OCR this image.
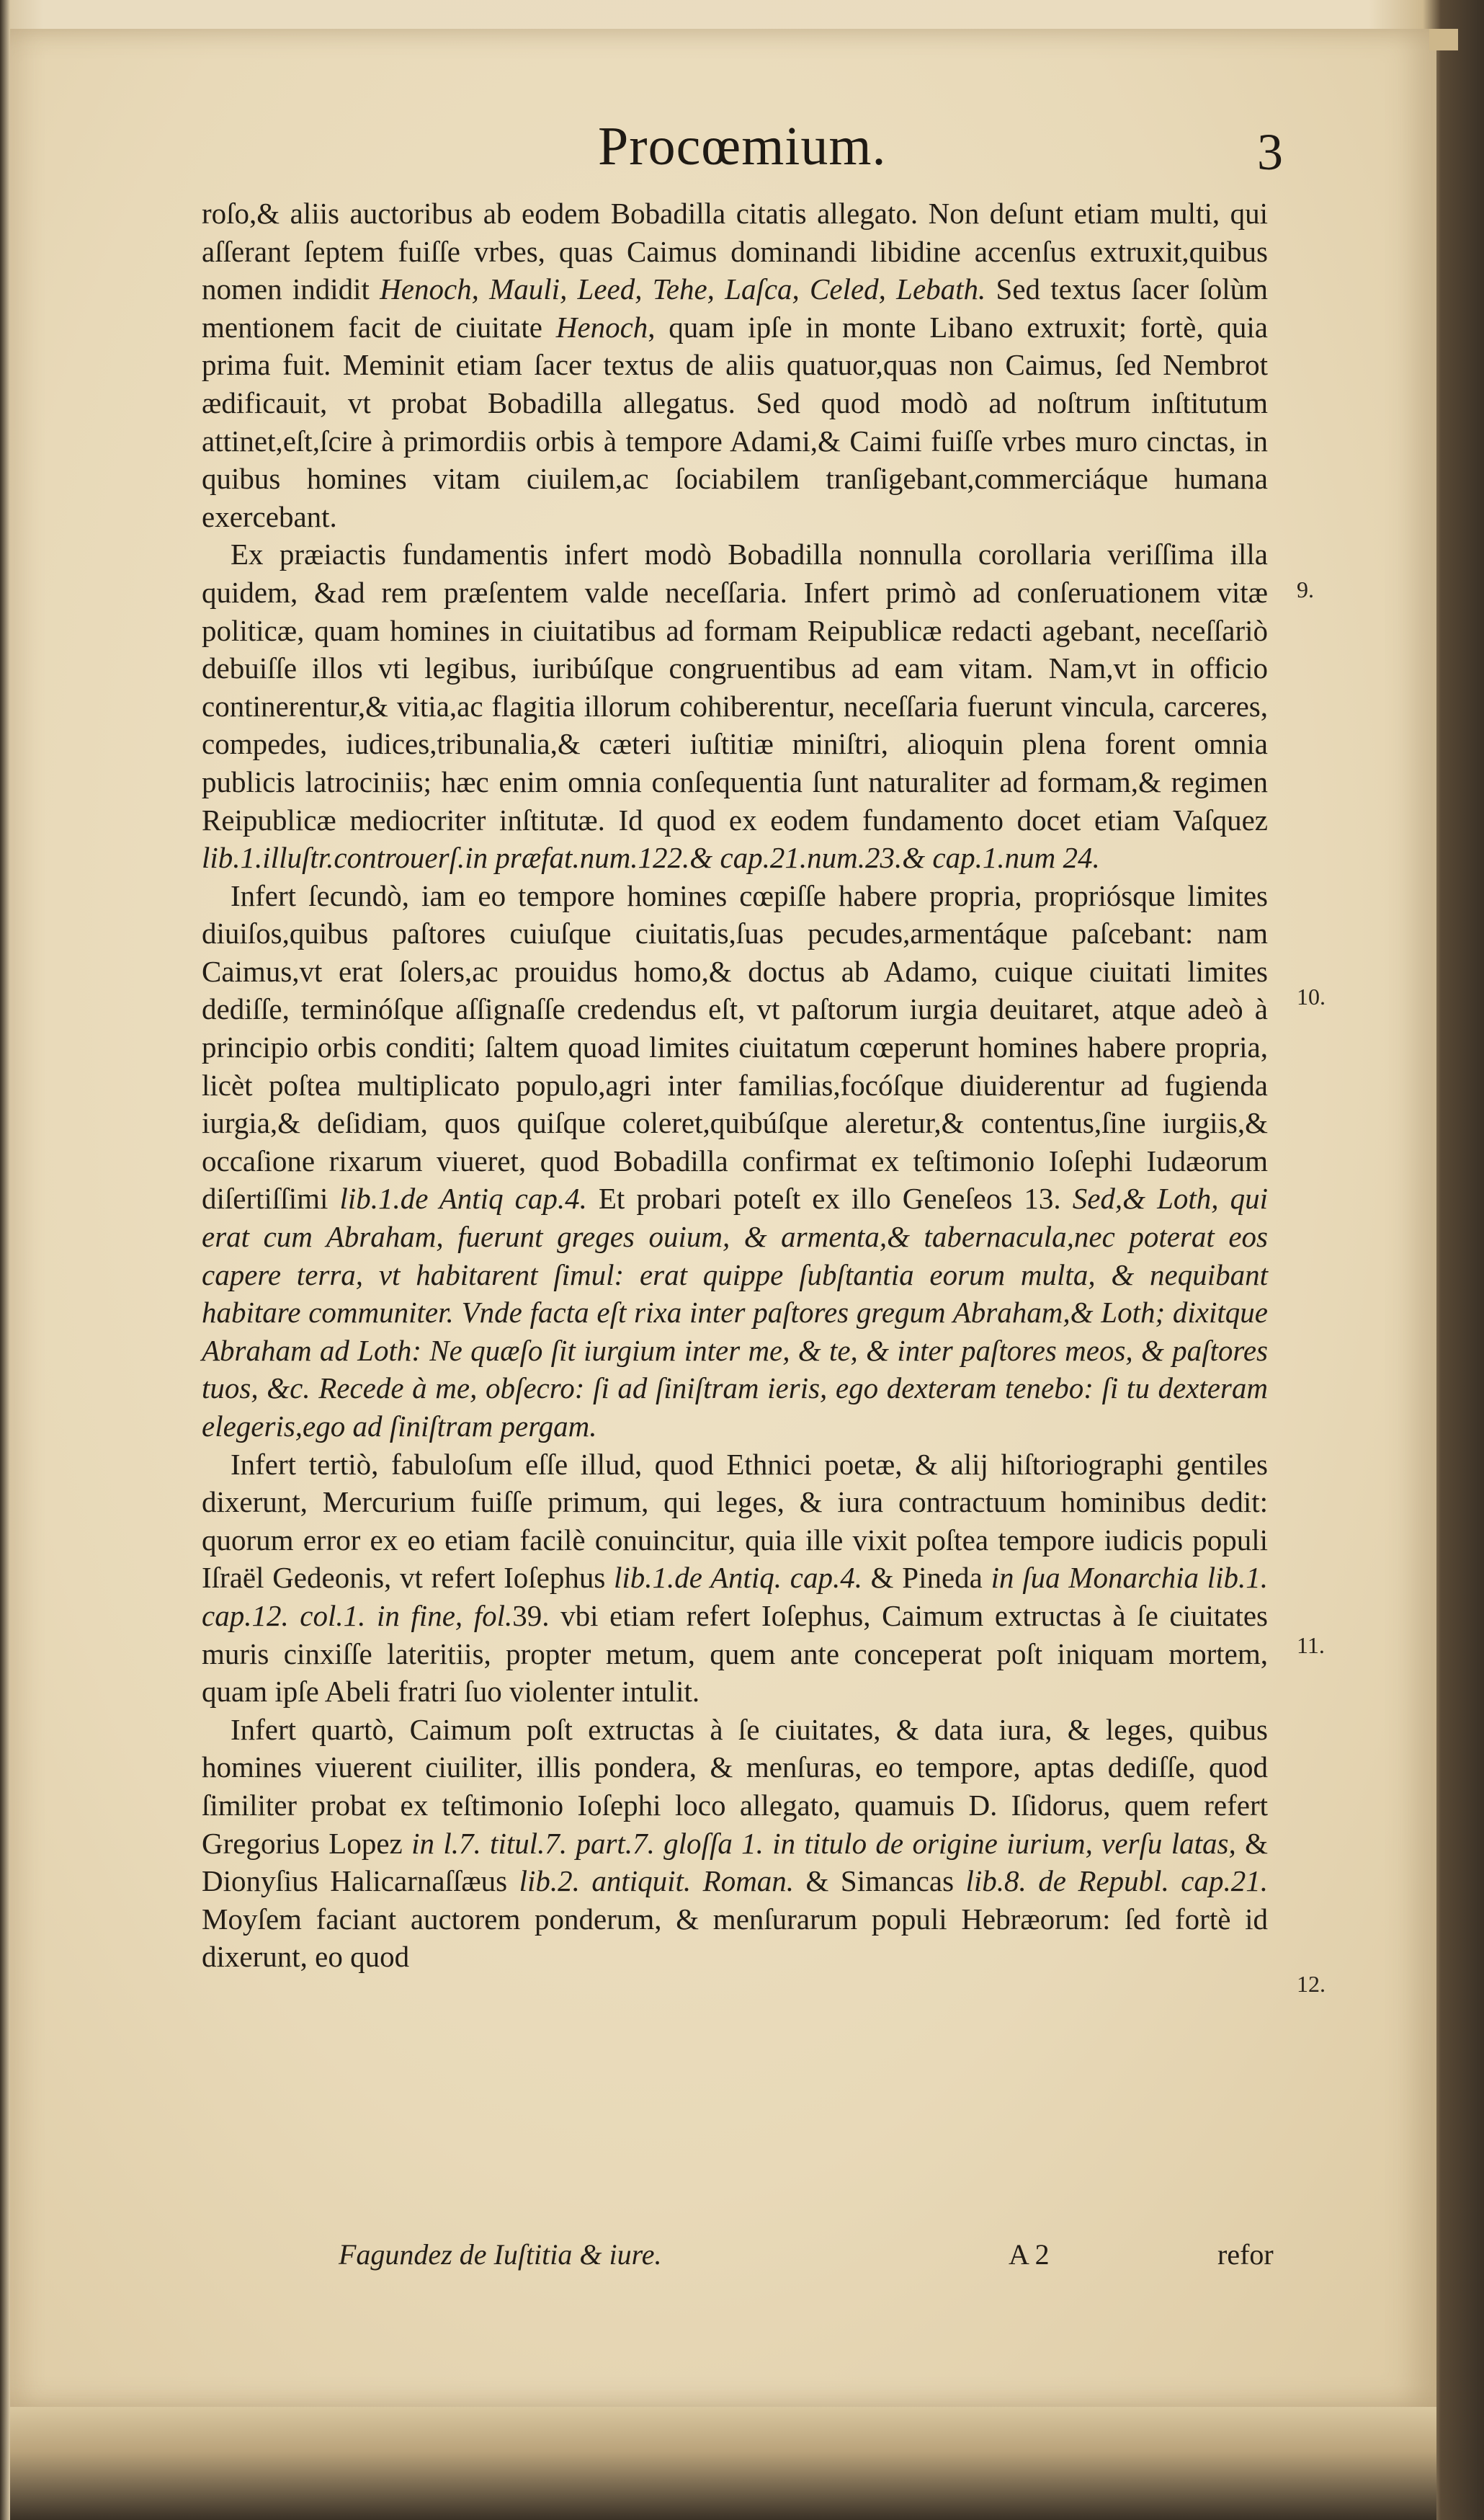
Procœmium.	3

roſo,& aliis auctoribus ab eodem Bobadilla citatis allegato. Non deſunt etiam multi, qui aſſerant ſeptem fuiſſe vrbes, quas Caimus dominandi libidine accenſus extruxit,quibus nomen indidit Henoch, Mauli, Leed, Tehe, Laſca, Celed, Lebath. Sed textus ſacer ſolùm mentionem facit de ciuitate Henoch, quam ipſe in monte Libano extruxit; fortè, quia prima fuit. Meminit etiam ſacer textus de aliis quatuor,quas non Caimus, ſed Nembrot ædificauit, vt probat Bobadilla allegatus. Sed quod modò ad noſtrum inſtitutum attinet,eſt,ſcire à primordiis orbis à tempore Adami,& Caimi fuiſſe vrbes muro cinctas, in quibus homines vitam ciuilem,ac ſociabilem tranſigebant,commerciáque humana exercebant.

Ex præiactis fundamentis infert modò Bobadilla nonnulla corollaria veriſſima illa quidem, &ad rem præſentem valde neceſſaria. Infert primò ad conſeruationem vitæ politicæ, quam homines in ciuitatibus ad formam Reipublicæ redacti agebant, neceſſariò debuiſſe illos vti legibus, iuribúſque congruentibus ad eam vitam. Nam,vt in officio continerentur,& vitia,ac flagitia illorum cohiberentur, neceſſaria fuerunt vincula, carceres, compedes, iudices,tribunalia,& cæteri iuſtitiæ miniſtri, alioquin plena forent omnia publicis latrociniis; hæc enim omnia conſequentia ſunt naturaliter ad formam,& regimen Reipublicæ mediocriter inſtitutæ. Id quod ex eodem fundamento docet etiam Vaſquez lib.1.illuſtr.controuerſ.in præfat.num.122.& cap.21.num.23.& cap.1.num 24.

Infert ſecundò, iam eo tempore homines cœpiſſe habere propria, propriósque limites diuiſos,quibus paſtores cuiuſque ciuitatis,ſuas pecudes,armentáque paſcebant: nam Caimus,vt erat ſolers,ac prouidus homo,& doctus ab Adamo, cuique ciuitati limites dediſſe, terminóſque aſſignaſſe credendus eſt, vt paſtorum iurgia deuitaret, atque adeò à principio orbis conditi; ſaltem quoad limites ciuitatum cœperunt homines habere propria, licèt poſtea multiplicato populo,agri inter familias,focóſque diuiderentur ad fugienda iurgia,& deſidiam, quos quiſque coleret,quibúſque aleretur,& contentus,ſine iurgiis,& occaſione rixarum viueret, quod Bobadilla confirmat ex teſtimonio Ioſephi Iudæorum diſertiſſimi lib.1.de Antiq cap.4. Et probari poteſt ex illo Geneſeos 13. Sed,& Loth, qui erat cum Abraham, fuerunt greges ouium, & armenta,& tabernacula,nec poterat eos capere terra, vt habitarent ſimul: erat quippe ſubſtantia eorum multa, & nequibant habitare communiter. Vnde facta eſt rixa inter paſtores gregum Abraham,& Loth; dixitque Abraham ad Loth: Ne quæſo ſit iurgium inter me, & te, & inter paſtores meos, & paſtores tuos, &c. Recede à me, obſecro: ſi ad ſiniſtram ieris, ego dexteram tenebo: ſi tu dexteram elegeris,ego ad ſiniſtram pergam.

Infert tertiò, fabuloſum eſſe illud, quod Ethnici poetæ, & alij hiſtoriographi gentiles dixerunt, Mercurium fuiſſe primum, qui leges, & iura contractuum hominibus dedit: quorum error ex eo etiam facilè conuincitur, quia ille vixit poſtea tempore iudicis populi Iſraël Gedeonis, vt refert Ioſephus lib.1.de Antiq. cap.4. & Pineda in ſua Monarchia lib.1. cap.12. col.1. in fine, fol.39. vbi etiam refert Ioſephus, Caimum extructas à ſe ciuitates muris cinxiſſe lateritiis, propter metum, quem ante conceperat poſt iniquam mortem, quam ipſe Abeli fratri ſuo violenter intulit.

Infert quartò, Caimum poſt extructas à ſe ciuitates, & data iura, & leges, quibus homines viuerent ciuiliter, illis pondera, & menſuras, eo tempore, aptas dediſſe, quod ſimiliter probat ex teſtimonio Ioſephi loco allegato, quamuis D. Iſidorus, quem refert Gregorius Lopez in l.7. titul.7. part.7. gloſſa 1. in titulo de origine iurium, verſu latas, & Dionyſius Halicarnaſſæus lib.2. antiquit. Roman. & Simancas lib.8. de Republ. cap.21. Moyſem faciant auctorem ponderum, & menſurarum populi Hebræorum: ſed fortè id dixerunt, eo quod

9.
10.
11.
12.
Fagundez de Iuſtitia & iure.	A 2	refor
